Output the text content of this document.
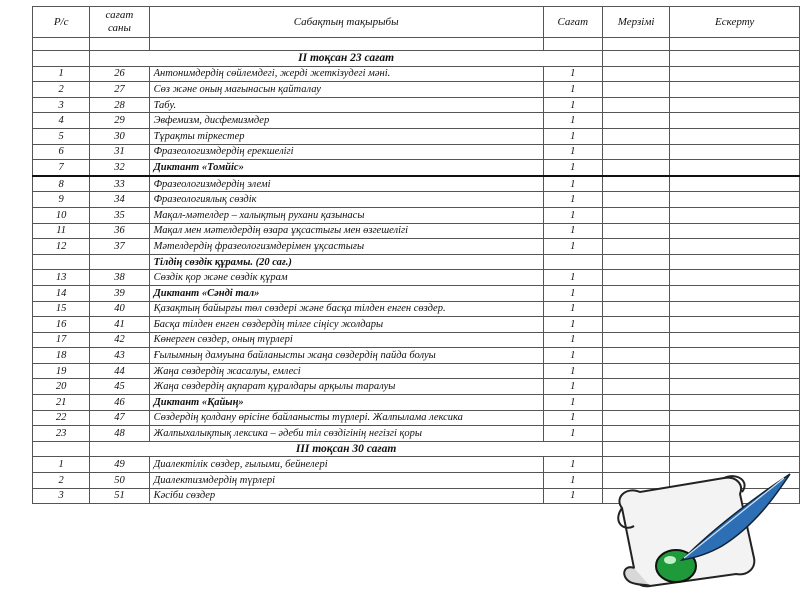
Р/с	сағат саны	Сабақтың тақырыбы	Сағат	Мерзімі	Ескерту

	ІІ тоқсан 23 сағат				
1	26	Антонимдердің сөйлемдегі, жерді жеткізудегі мәні.	1		
2	27	Сөз және оның мағынасын қайталау	1		
3	28	Табу.	1		
4	29	Эвфемизм, дисфемизмдер	1		
5	30	Тұрақты тіркестер	1		
6	31	Фразеологизмдердің ерекшелігі	1		
7	32	Диктант «Томйіс»	1		
8	33	Фразеологизмдердің элемі	1		
9	34	Фразеологиялық сөздік	1		
10	35	Мақал-мәтелдер – халықтың рухани қазынасы	1		
11	36	Мақал мен мәтелдердің өзара ұқсастығы мен өзгешелігі	1		
12	37	Мәтелдердің фразеологизмдерімен ұқсастығы	1		
		Тілдің сөздік құрамы. (20 сағ.)			
13	38	Сөздік қор және сөздік құрам	1		
14	39	Диктант «Сәнді тал»	1		
15	40	Қазақтың байырғы төл сөздері және басқа тілден енген сөздер.	1		
16	41	Басқа тілден енген сөздердің тілге сіңісу жолдары	1		
17	42	Көнерген сөздер, оның түрлері	1		
18	43	Ғылымның дамуына байланысты жаңа сөздердің пайда болуы	1		
19	44	Жаңа сөздердің жасалуы, емлесі	1		
20	45	Жаңа сөздердің ақпарат құралдары арқылы таралуы	1		
21	46	Диктант «Қайың»	1		
22	47	Сөздердің қолдану өрісіне байланысты түрлері. Жалпылама лексика	1		
23	48	Жалпыхалықтық лексика – әдеби тіл сөздігінің негізгі қоры	1		
	ІІІ тоқсан 30 сағат				
1	49	Диалектілік сөздер, ғылыми, бейнелері	1		
2	50	Диалектизмдердің түрлері	1		
3	51	Кәсіби сөздер	1		
